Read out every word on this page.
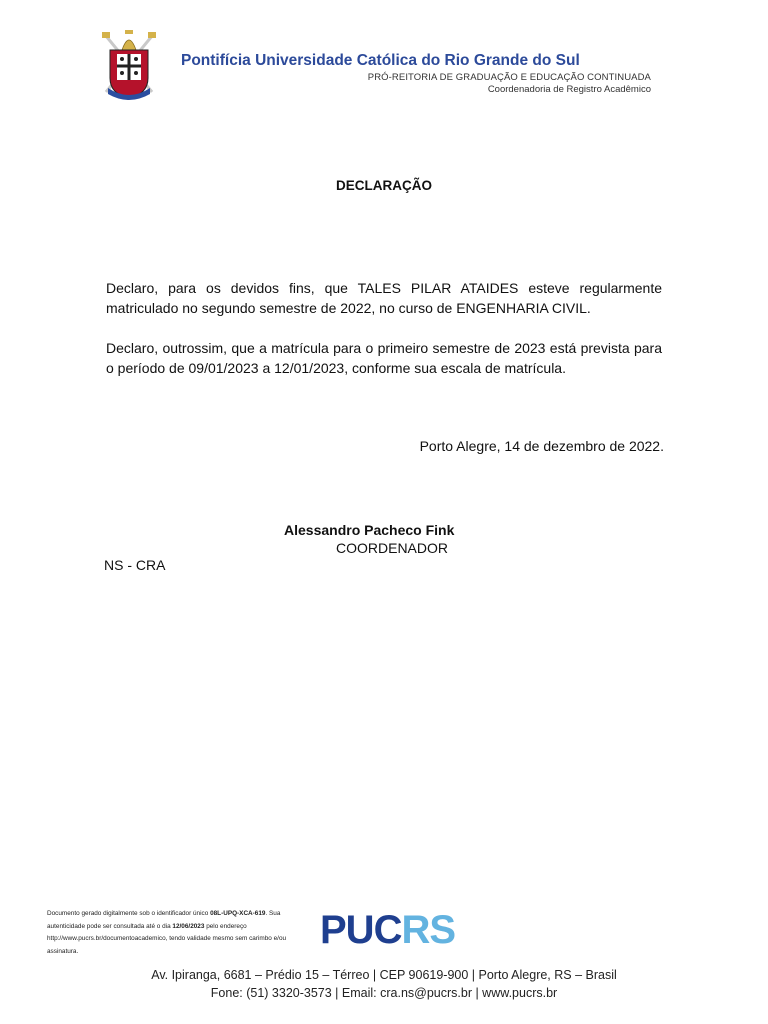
Pontifícia Universidade Católica do Rio Grande do Sul
PRÓ-REITORIA DE GRADUAÇÃO E EDUCAÇÃO CONTINUADA
Coordenadoria de Registro Acadêmico
DECLARAÇÃO
Declaro, para os devidos fins, que TALES PILAR ATAIDES esteve regularmente matriculado no segundo semestre de 2022, no curso de ENGENHARIA CIVIL.
Declaro, outrossim, que a matrícula para o primeiro semestre de 2023 está prevista para o período de 09/01/2023 a 12/01/2023, conforme sua escala de matrícula.
Porto Alegre, 14 de dezembro de 2022.
Alessandro Pacheco Fink
COORDENADOR
NS - CRA
Documento gerado digitalmente sob o identificador único 08L-UPQ-XCA-619. Sua autenticidade pode ser consultada até o dia 12/06/2023 pelo endereço http://www.pucrs.br/documentoacademico, tendo validade mesmo sem carimbo e/ou assinatura.	PUCRS
Av. Ipiranga, 6681 – Prédio 15 – Térreo | CEP 90619-900 | Porto Alegre, RS – Brasil
Fone: (51) 3320-3573 | Email: cra.ns@pucrs.br | www.pucrs.br
